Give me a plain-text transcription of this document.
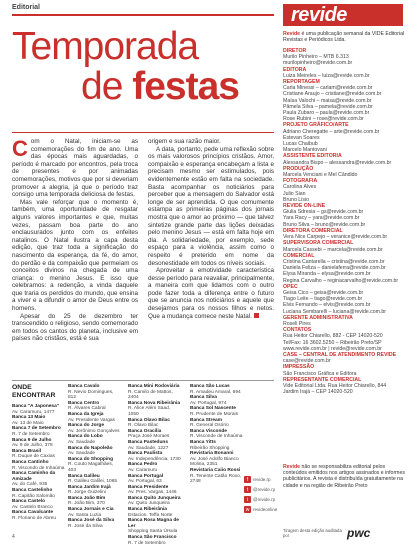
Editorial
Temporada
de festas
C om o Natal, iniciam-se as comemorações do fim de ano. Uma das épocas mais aguardadas, o período é marcado por encontros, pela troca de presentes e por animadas comemorações, motivos que por si deveriam promover a alegria, já que o período traz consigo uma temporada deliciosa de festas.

Mas vale reforçar que o momento é, também, uma oportunidade de resgatar alguns valores importantes e que, muitas vezes, passam boa parte do ano enclausurados junto com os enfeites natalinos. O Natal ilustra a capa desta edição, que traz toda a significação do nascimento da esperança, da fé, do amor, do perdão e da compaixão que permeiam os conceitos divinos na chegada de uma criança: o menino Jesus. E isso que celebramos: a redenção, a vinda daquele que traria os perdidos do mundo, que ensina a viver e a difundir o amor de Deus entre os homens.

Apesar do 25 de dezembro ter transcendido o religioso, sendo comemorado em todos os cantos do planeta, inclusive em países não cristãos, está é sua

origem e sua razão maior.

A data, portanto, pede uma reflexão sobre os mais valorosos princípios cristãos. Amor, compaixão e esperança encabeçam a lista e precisam mesmo ser estimulados, pois evidentemente estão em falta na sociedade. Basta acompanhar os noticiários para perceber que a mensagem do Salvador está longe de ser aprendida. O que comumente estampa as primeiras páginas dos jornais mostra que o amor ao próximo — que talvez sintetize grande parte das lições deixadas pelo menino Jesus — está em falta hoje em dia. A solidariedade, por exemplo, sede espaço para a violência, assim como o respeito é preterido em nome da desonestidade em todos os níveis sociais.

Aproveitar a emotividade característica desse período para reavaliar, principalmente, a maneira com que lidamos com o outro pode fazer toda a diferença entre o futuro que se anuncia nos noticiários e aquele que desejamos para os nossos filhos e netos. Que a mudança comece neste Natal.

ONDE ENCONTRAR
Banca "A Japonesa"
Av. Caramuru, 1477
Banca 13 Maio
Av. 13 de Maio
Banca 7 de Setembro
R. 7 de Setembro
Banca 9 de Julho
Av. 9 de Julho, 378
Banca Brasil
R. Duque de Caxias
Banca Cantinho
R. Viscondo de Inhaúma
Banca Caminho da Amizade
Av. do Café, 935
Banca Castelinho
R. Capitão Salomão
Banca Castelo
Av. Castelo Branco
Banca Cavalcante
R. Floriano de Abreu
Banca Cavalo
R. Nevio Domingues, 812
Banca Centro
R. Álvares Cabral
Banca da Igreja
Av. Presidente Vargas
Banca do Jorge
Av. Jerônimo Gonçalves
Banca do Lobo
Av. Saudade
Banca do Napoleão
Av. Saudade
Banca do Shopping
R. Couto Magalhães, 403
Banca Galileu
R. Galileu Galilei, 1065
Banca Jardim Irajá
R. Jorge Guizelini
Banca João Bim
R. João Bim, 370
Banca Jornais e Cia
Av. Santa Luzia
Banca José da Silva
R. José da Silva
Banca Mini Rodoviária
R. Camilo de Mattos, 2404
Banca Nova Ribeirânia
R. Alice Além Saad, 1050
Banca Olavo Bilac
R. Olavo Bilac
Banca Oracilia
Praça José Moraes
Banca Pasteduns
Av. Saudade, 1227
Banca Paulista
Av. Independência, 1730
Banca Pedro
Av. Caramuru
Banca Portugal
Av. Portugal, 63
Banca Presidente
Av. Pres. Vargas, 1446
Banca Quito Junqueira
Av. Quito Junqueira
Banca Ribeirânia
Estacion. Teffa Norte
Banca Rosa Magna de Ler
Shopping Santa Úrsula
Banca São Francisco
R. 7 de Setembro
Banca São Lucas
R. Amadeu Amaral, 694
Banca Silva
Av. Portugal, 974
Banca Sol Nascente
R. Prudente de Morais
Banca Stream
R. General Osório
Banca Visconde
R. Visconde de Inhaúma
Banca Yitts
Ribeirão Shopping
Revistaria Bonanni
Av. José Adolfo Bianco Molina, 2351
Revistaria Caiio Rossi
R. Tenente Catão Roxo, 2748	f	revide.rp
t	@revide.rp
i	@revide.rp
w revideonline
4
revide
Revide é uma publicação semanal da VIDE Editorial Revistas e Periódicos Ltda.
DIRETOR
Murilo Pinheiro – MTB 6.313
murilopinheiro@revide.com.br
EDITORA
Luiza Meireles – luiza@revide.com.br
REPORTAGEM
Carla Minessi – carlam@revide.com.br
Cristiane Araujo – cristiane@revide.com.br
Maísa Valochi – maisa@revide.com.br
Pâmela Silva – pamela@revide.com.br
Paula Zubaro – paula@revide.com.br
Rose Rubini – rose@revide.com.br
PROJETO GRÁFICO/ARTE
Adriano Cheregatte – arte@revide.com.br
Estevan Soares
Lucas Chaibub
Marcelo Mantovani
ASSISTENTE EDITORIA
Alessandra Bispo – alessandra@revide.com.br
PRODUÇÃO
Marcela Venciani e Mel Cândido
FOTOGRAFIA
Carolina Alves
Julio Sian
Bruno Lisio
REVIDE ON-LINE
Giulia Sdresia – gs@revide.com.br
Yara Racy – yara@revide.com.br
Bruno Silva – bruno@revide.com.br
DIRETORA COMERCIAL
Vera Nice Carpejo – veranice@revide.com.br
SUPERVISORA COMERCIAL
Marcela Cassebi – marcela@revide.com.br
COMERCIAL
Cristina Cantarella – cristina@revide.com.br
Daniela Feliza – danielaferra@revide.com.br
Elysa Miranda – elysa@revide.com.br
Regina Carvalho – reginacarvalho@revide.com.br
OPEC
Geisa Cico – geisa@revide.com.br
Tiago Leite – tiago@revide.com.br
Elvis Fernando – elvis@revide.com.br
Luciana Sembarelli – luciana@revide.com.br
GERENTE ADMINISTRATIVA
Roseli Pires
CONTATOS
Rua Heitor Chiarello, 882 - CEP 14020-520
Tel/Fax: 16 3602.5250 – Ribeirão Preto/SP
www.revide.com.br | revide@revide.com.br
CASE – CENTRAL DE ATENDIMENTO REVIDE
case@revide.com.br
IMPRESSÃO
São Francisco Gráfica e Editora
REPRESENTANTE COMERCIAL
Vide Editorial Ltda. Rua Heitor Chiarello, 844
Jardim Irajá – CEP 14020-520
Revide não se responsabiliza editorial pelos conteúdos emitidos nos artigos assinados e informes publicitários. A revista é distribuída gratuitamente na cidade e na região de Ribeirão Preto
Tiragem desta edição auditada por	pwc
